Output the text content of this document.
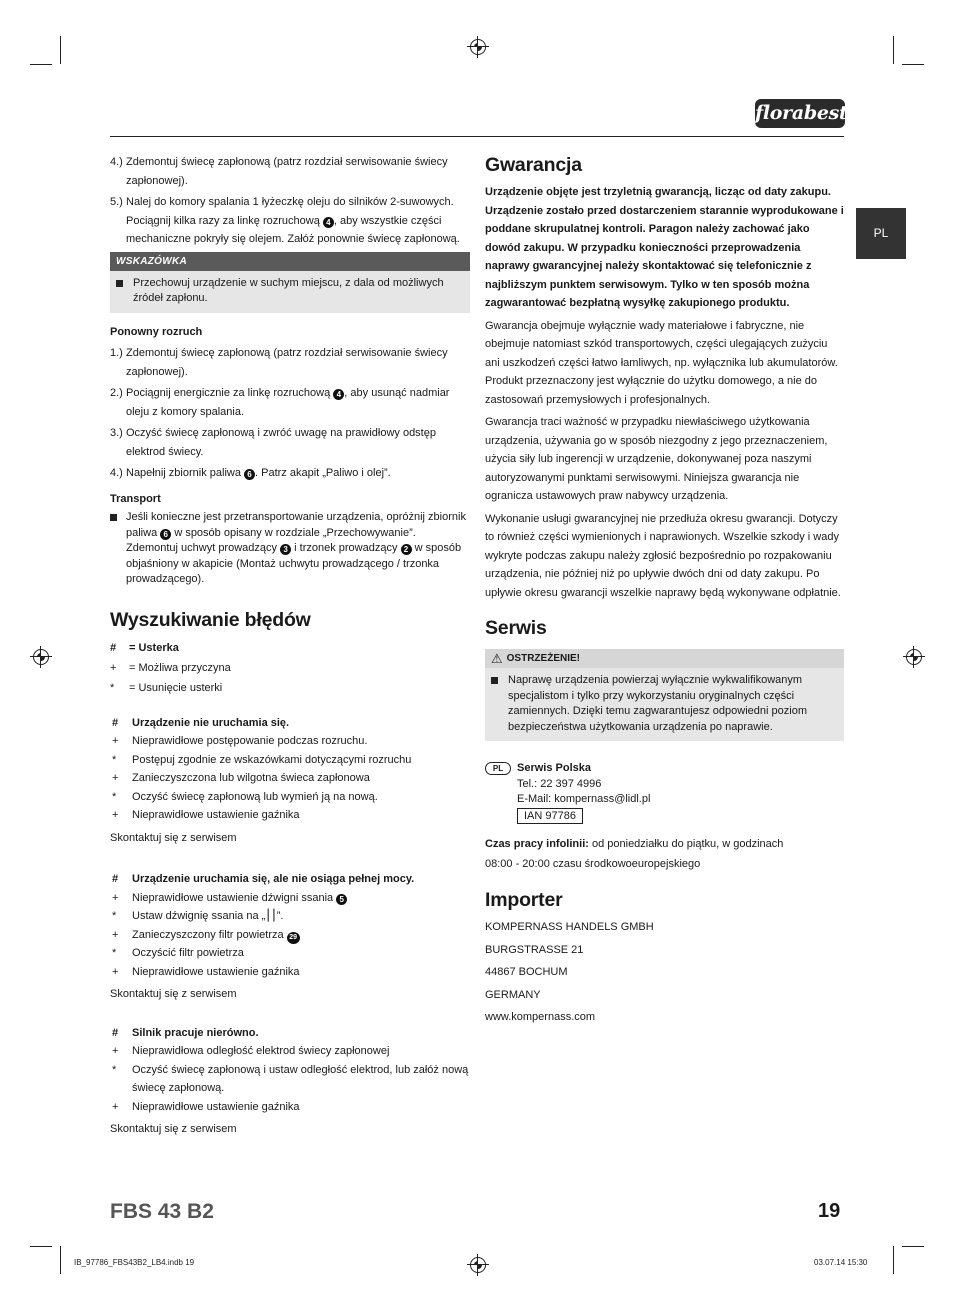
florabest
PL
4.) Zdemontuj świecę zapłonową (patrz rozdział serwisowanie świecy zapłonowej).
5.) Nalej do komory spalania 1 łyżeczkę oleju do silników 2-suwowych. Pociągnij kilka razy za linkę rozruchową 4 , aby wszystkie części mechaniczne pokryły się olejem. Załóż ponownie świecę zapłonową.
WSKAZÓWKA
Przechowuj urządzenie w suchym miejscu, z dala od możliwych źródeł zapłonu.
Ponowny rozruch
1.) Zdemontuj świecę zapłonową (patrz rozdział serwisowanie świecy zapłonowej).
2.) Pociągnij energicznie za linkę rozruchową 4 , aby usunąć nadmiar oleju z komory spalania.
3.) Oczyść świecę zapłonową i zwróć uwagę na prawidłowy odstęp elektrod świecy.
4.) Napełnij zbiornik paliwa 6 . Patrz akapit „Paliwo i olej”.
Transport
Jeśli konieczne jest przetransportowanie urządzenia, opróżnij zbiornik paliwa 6 w sposób opisany w rozdziale „Przechowywanie”. Zdemontuj uchwyt prowadzący 3 i trzonek prowadzący 2 w sposób objaśniony w akapicie (Montaż uchwytu prowadzącego / trzonka prowadzącego).
Wyszukiwanie błędów
#	= Usterka
+	= Możliwa przyczyna
*	= Usunięcie usterki
#	Urządzenie nie uruchamia się.
+	Nieprawidłowe postępowanie podczas rozruchu.
*	Postępuj zgodnie ze wskazówkami dotyczącymi rozruchu
+	Zanieczyszczona lub wilgotna świeca zapłonowa
*	Oczyść świecę zapłonową lub wymień ją na nową.
+	Nieprawidłowe ustawienie gaźnika
Skontaktuj się z serwisem
#	Urządzenie uruchamia się, ale nie osiąga pełnej mocy.
+	Nieprawidłowe ustawienie dźwigni ssania 5
*	Ustaw dźwignię ssania na „⎮⎮”.
+	Zanieczyszczony filtr powietrza 29
*	Oczyścić filtr powietrza
+	Nieprawidłowe ustawienie gaźnika
Skontaktuj się z serwisem
#	Silnik pracuje nierówno.
+	Nieprawidłowa odległość elektrod świecy zapłonowej
*	Oczyść świecę zapłonową i ustaw odległość elektrod, lub załóż nową świecę zapłonową.
+	Nieprawidłowe ustawienie gaźnika
Skontaktuj się z serwisem
Gwarancja

Urządzenie objęte jest trzyletnią gwarancją, licząc od daty zakupu. Urządzenie zostało przed dostarczeniem starannie wyprodukowane i poddane skrupulatnej kontroli. Paragon należy zachować jako dowód zakupu. W przypadku konieczności przeprowadzenia naprawy gwarancyjnej należy skontaktować się telefonicznie z najbliższym punktem serwisowym. Tylko w ten sposób można zagwarantować bezpłatną wysyłkę zakupionego produktu.

Gwarancja obejmuje wyłącznie wady materiałowe i fabryczne, nie obejmuje natomiast szkód transportowych, części ulegających zużyciu ani uszkodzeń części łatwo łamliwych, np. wyłącznika lub akumulatorów. Produkt przeznaczony jest wyłącznie do użytku domowego, a nie do zastosowań przemysłowych i profesjonalnych.

Gwarancja traci ważność w przypadku niewłaściwego użytkowania urządzenia, używania go w sposób niezgodny z jego przeznaczeniem, użycia siły lub ingerencji w urządzenie, dokonywanej poza naszymi autoryzowanymi punktami serwisowymi. Niniejsza gwarancja nie ogranicza ustawowych praw nabywcy urządzenia.

Wykonanie usługi gwarancyjnej nie przedłuża okresu gwarancji. Dotyczy to również części wymienionych i naprawionych. Wszelkie szkody i wady wykryte podczas zakupu należy zgłosić bezpośrednio po rozpakowaniu urządzenia, nie później niż po upływie dwóch dni od daty zakupu. Po upływie okresu gwarancji wszelkie naprawy będą wykonywane odpłatnie.

Serwis
⚠ OSTRZEŻENIE!
Naprawę urządzenia powierzaj wyłącznie wykwalifikowanym specjalistom i tylko przy wykorzystaniu oryginalnych części zamiennych. Dzięki temu zagwarantujesz odpowiedni poziom bezpieczeństwa użytkowania urządzenia po naprawie.
PL	Serwis Polska
Tel.: 22 397 4996
E-Mail: kompernass@lidl.pl
IAN 97786
Czas pracy infolinii: od poniedziałku do piątku, w godzinach
08:00 - 20:00 czasu środkowoeuropejskiego
Importer
KOMPERNASS HANDELS GMBH
BURGSTRASSE 21
44867 BOCHUM
GERMANY
www.kompernass.com
FBS 43 B2	19
IB_97786_FBS43B2_LB4.indb 19	03.07.14 15:30
